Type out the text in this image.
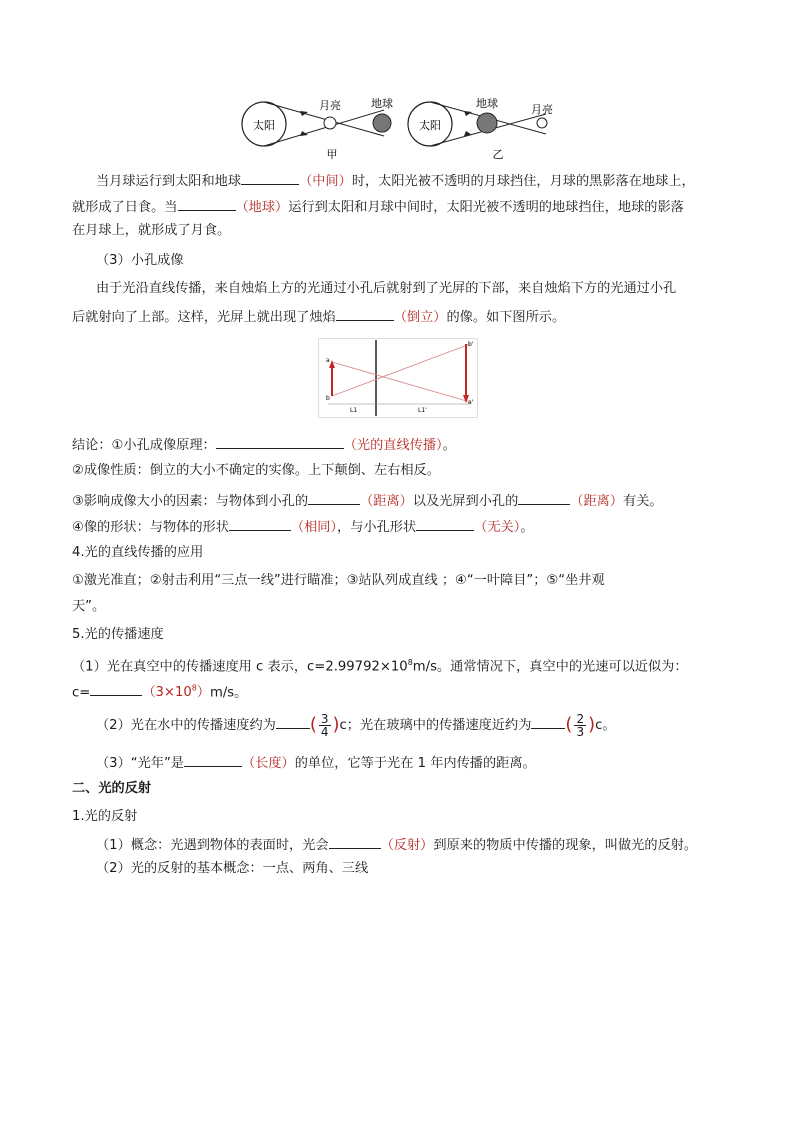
太阳
月亮	地球
甲
太阳
地球	月亮
乙
当月球运行到太阳和地球	（中间）时，太阳光被不透明的月球挡住，月球的黑影落在地球上，
就形成了日食。当	（地球）运行到太阳和月球中间时，太阳光被不透明的地球挡住，地球的影落
在月球上，就形成了月食。
（3）小孔成像
由于光沿直线传播，来自烛焰上方的光通过小孔后就射到了光屏的下部，来自烛焰下方的光通过小孔
后就射向了上部。这样，光屏上就出现了烛焰	（倒立）的像。如下图所示。
a
b
b'
a'
L1	L1'
结论：①小孔成像原理：	（光的直线传播）。
②成像性质：倒立的大小不确定的实像。上下颠倒、左右相反。
③影响成像大小的因素：与物体到小孔的	（距离）以及光屏到小孔的	（距离）有关。
④像的形状：与物体的形状	（相同），与小孔形状	（无关）。
4.光的直线传播的应用
①激光准直；②射击利用“三点一线”进行瞄准；③站队列成直线 ；④“一叶障目”；⑤“坐井观
天”。
5.光的传播速度
（1）光在真空中的传播速度用 c 表示，$c=2.99792\times 10^8m/s$。通常情况下，真空中的光速可以近似为：
c=	$(3\times 10^8)m/s$。
（2）光在水中的传播速度约为 ( $\frac{3}{4} )c$；光在玻璃中的传播速度近约为 ( $\frac{2}{3} )c$。
（3）“光年”是	（长度）的单位，它等于光在 1 年内传播的距离。
二、光的反射
1.光的反射
（1）概念：光遇到物体的表面时，光会	（反射）到原来的物质中传播的现象，叫做光的反射。
（2）光的反射的基本概念：一点、两角、三线
